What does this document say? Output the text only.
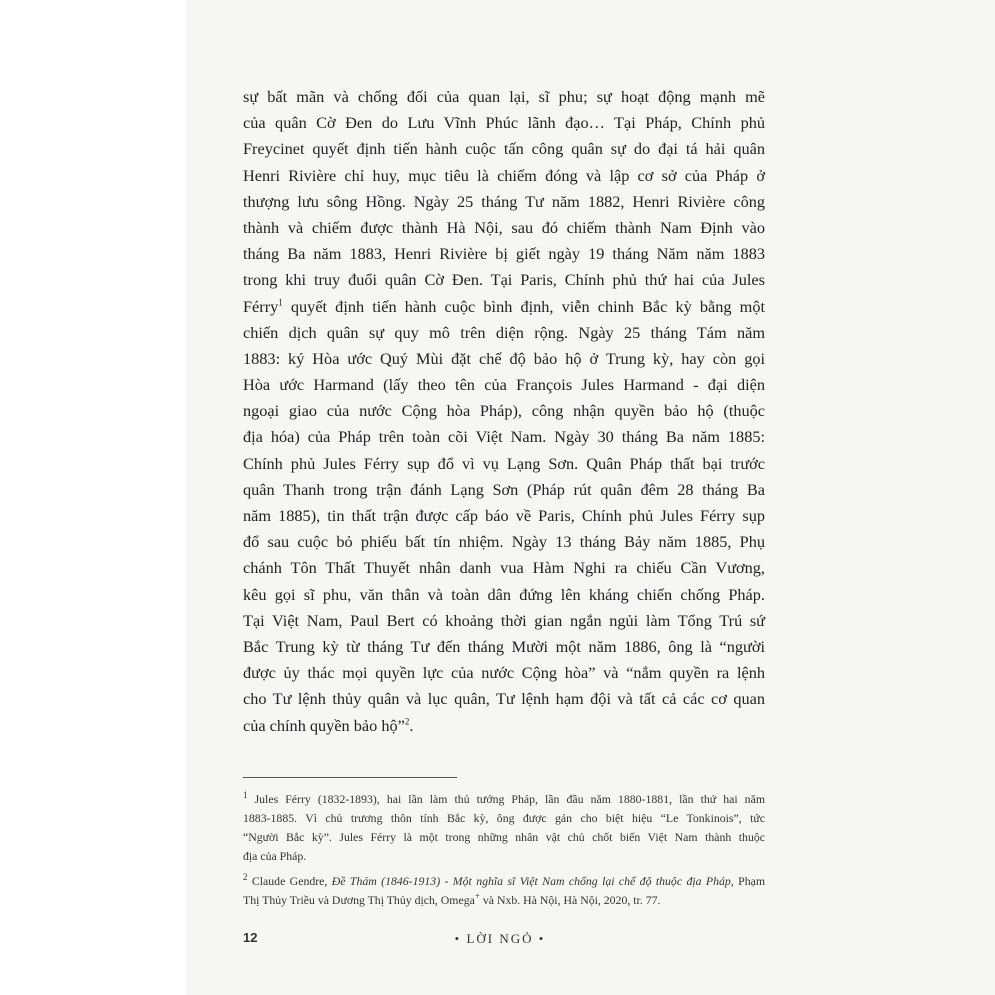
sự bất mãn và chống đối của quan lại, sĩ phu; sự hoạt động mạnh mẽ
của quân Cờ Đen do Lưu Vĩnh Phúc lãnh đạo… Tại Pháp, Chính phủ
Freycinet quyết định tiến hành cuộc tấn công quân sự do đại tá hải quân
Henri Rivière chỉ huy, mục tiêu là chiếm đóng và lập cơ sở của Pháp ở
thượng lưu sông Hồng. Ngày 25 tháng Tư năm 1882, Henri Rivière công
thành và chiếm được thành Hà Nội, sau đó chiếm thành Nam Định vào
tháng Ba năm 1883, Henri Rivière bị giết ngày 19 tháng Năm năm 1883
trong khi truy đuổi quân Cờ Đen. Tại Paris, Chính phủ thứ hai của Jules
Férry$^1$ quyết định tiến hành cuộc bình định, viễn chinh Bắc kỳ bằng một
chiến dịch quân sự quy mô trên diện rộng. Ngày 25 tháng Tám năm
1883: ký Hòa ước Quý Mùi đặt chế độ bảo hộ ở Trung kỳ, hay còn gọi
Hòa ước Harmand (lấy theo tên của François Jules Harmand - đại diện
ngoại giao của nước Cộng hòa Pháp), công nhận quyền bảo hộ (thuộc
địa hóa) của Pháp trên toàn cõi Việt Nam. Ngày 30 tháng Ba năm 1885:
Chính phủ Jules Férry sụp đổ vì vụ Lạng Sơn. Quân Pháp thất bại trước
quân Thanh trong trận đánh Lạng Sơn (Pháp rút quân đêm 28 tháng Ba
năm 1885), tin thất trận được cấp báo về Paris, Chính phủ Jules Férry sụp
đổ sau cuộc bỏ phiếu bất tín nhiệm. Ngày 13 tháng Bảy năm 1885, Phụ
chánh Tôn Thất Thuyết nhân danh vua Hàm Nghi ra chiếu Cần Vương,
kêu gọi sĩ phu, văn thân và toàn dân đứng lên kháng chiến chống Pháp.
Tại Việt Nam, Paul Bert có khoảng thời gian ngắn ngủi làm Tổng Trú sứ
Bắc Trung kỳ từ tháng Tư đến tháng Mười một năm 1886, ông là “người
được ủy thác mọi quyền lực của nước Cộng hòa” và “nắm quyền ra lệnh
cho Tư lệnh thủy quân và lục quân, Tư lệnh hạm đội và tất cả các cơ quan
của chính quyền bảo hộ”$^2$.
$^1$ Jules Férry (1832-1893), hai lần làm thủ tướng Pháp, lần đầu năm 1880-1881, lần thứ hai năm
1883-1885. Vì chủ trương thôn tính Bắc kỳ, ông được gán cho biệt hiệu “Le Tonkinois”, tức
“Người Bắc kỳ”. Jules Férry là một trong những nhân vật chủ chốt biến Việt Nam thành thuộc
địa của Pháp.
$^2$ Claude Gendre, Đề Thám (1846-1913) - Một nghĩa sĩ Việt Nam chống lại chế độ thuộc địa Pháp, Phạm
Thị Thủy Triều và Dương Thị Thủy dịch, Omega+ và Nxb. Hà Nội, Hà Nội, 2020, tr. 77.
12	• LỜI NGỎ •
